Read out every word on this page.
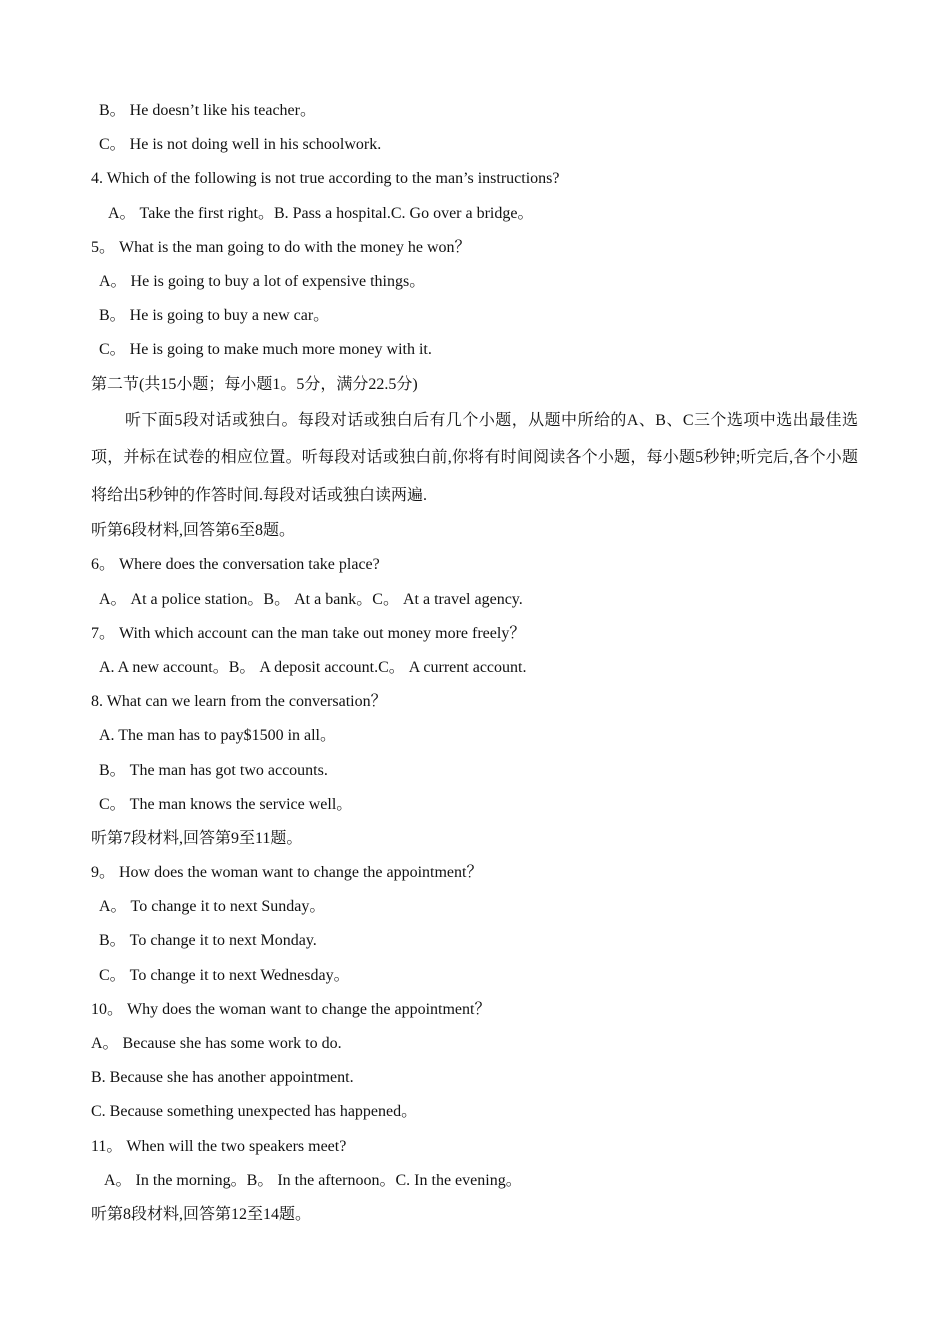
B。 He doesn’t like his teacher。
C。 He is not doing well in his schoolwork.
4. Which of the following is not true according to the man’s instructions?
A。 Take the first right。B. Pass a hospital.C. Go over a bridge。
5。 What is the man going to do with the money he won？
A。 He is going to buy a lot of expensive things。
B。 He is going to buy a new car。
C。 He is going to make much more money with it.
第二节(共15小题；每小题1。5分，满分22.5分)
听下面5段对话或独白。每段对话或独白后有几个小题，从题中所给的A、B、C三个选项中选出最佳选项，并标在试卷的相应位置。听每段对话或独白前,你将有时间阅读各个小题，每小题5秒钟;听完后,各个小题将给出5秒钟的作答时间.每段对话或独白读两遍.
听第6段材料,回答第6至8题。
6。 Where does the conversation take place?
A。 At a police station。B。 At a bank。C。 At a travel agency.
7。 With which account can the man take out money more freely？
A. A new account。B。 A deposit account.C。 A current account.
8. What can we learn from the conversation？
A. The man has to pay$1500 in all。
B。 The man has got two accounts.
C。 The man knows the service well。
听第7段材料,回答第9至11题。
9。 How does the woman want to change the appointment？
A。 To change it to next Sunday。
B。 To change it to next Monday.
C。 To change it to next Wednesday。
10。 Why does the woman want to change the appointment？
A。 Because she has some work to do.
B. Because she has another appointment.
C. Because something unexpected has happened。
11。 When will the two speakers meet?
A。 In the morning。B。 In the afternoon。C. In the evening。
听第8段材料,回答第12至14题。
